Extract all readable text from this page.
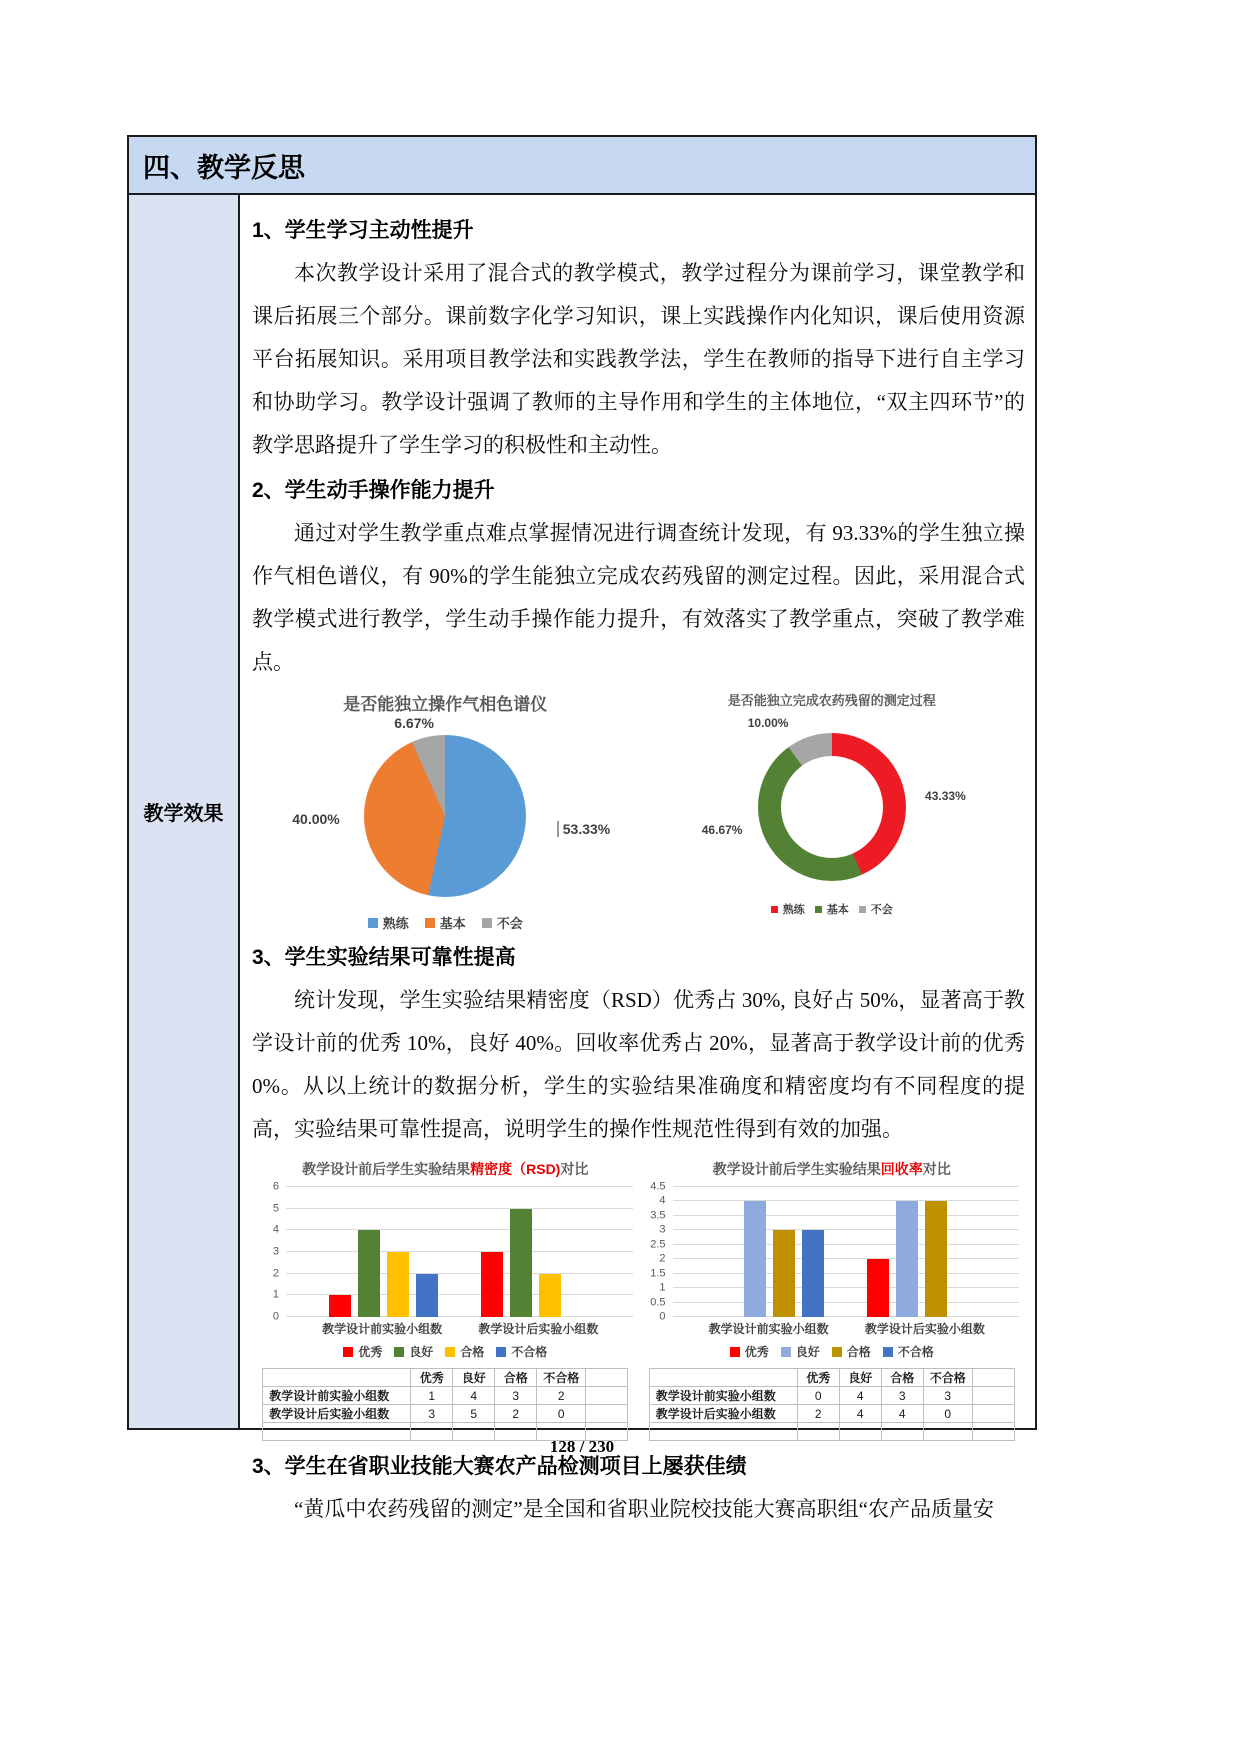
四、教学反思
教学效果
1、学生学习主动性提升

本次教学设计采用了混合式的教学模式，教学过程分为课前学习，课堂教学和课后拓展三个部分。课前数字化学习知识，课上实践操作内化知识，课后使用资源平台拓展知识。采用项目教学法和实践教学法，学生在教师的指导下进行自主学习和协助学习。教学设计强调了教师的主导作用和学生的主体地位，“双主四环节”的教学思路提升了学生学习的积极性和主动性。

2、学生动手操作能力提升

通过对学生教学重点难点掌握情况进行调查统计发现，有 93.33%的学生独立操作气相色谱仪，有 90%的学生能独立完成农药残留的测定过程。因此，采用混合式教学模式进行教学，学生动手操作能力提升，有效落实了教学重点，突破了教学难点。

是否能独立操作气相色谱仪
6.67%
40.00%
53.33%
熟练 基本 不会
是否能独立完成农药残留的测定过程
10.00%
46.67%
43.33%
熟练 基本 不会
3、学生实验结果可靠性提高

统计发现，学生实验结果精密度（RSD）优秀占 30%, 良好占 50%，显著高于教学设计前的优秀 10%，良好 40%。回收率优秀占 20%，显著高于教学设计前的优秀 0%。从以上统计的数据分析，学生的实验结果准确度和精密度均有不同程度的提高，实验结果可靠性提高，说明学生的操作性规范性得到有效的加强。

教学设计前后学生实验结果精密度（RSD)对比
0
1
2
3
4
5
6
教学设计前实验小组数	教学设计后实验小组数
优秀 良好 合格 不合格
	优秀	良好	合格	不合格	
教学设计前实验小组数	1	4	3	2	
教学设计后实验小组数	3	5	2	0	

教学设计前后学生实验结果回收率对比
0
0.5
1
1.5
2
2.5
3
3.5
4
4.5
教学设计前实验小组数	教学设计后实验小组数
优秀 良好 合格 不合格
	优秀	良好	合格	不合格	
教学设计前实验小组数	0	4	3	3	
教学设计后实验小组数	2	4	4	0	

3、学生在省职业技能大赛农产品检测项目上屡获佳绩

“黄瓜中农药残留的测定”是全国和省职业院校技能大赛高职组“农产品质量安

128 / 230
